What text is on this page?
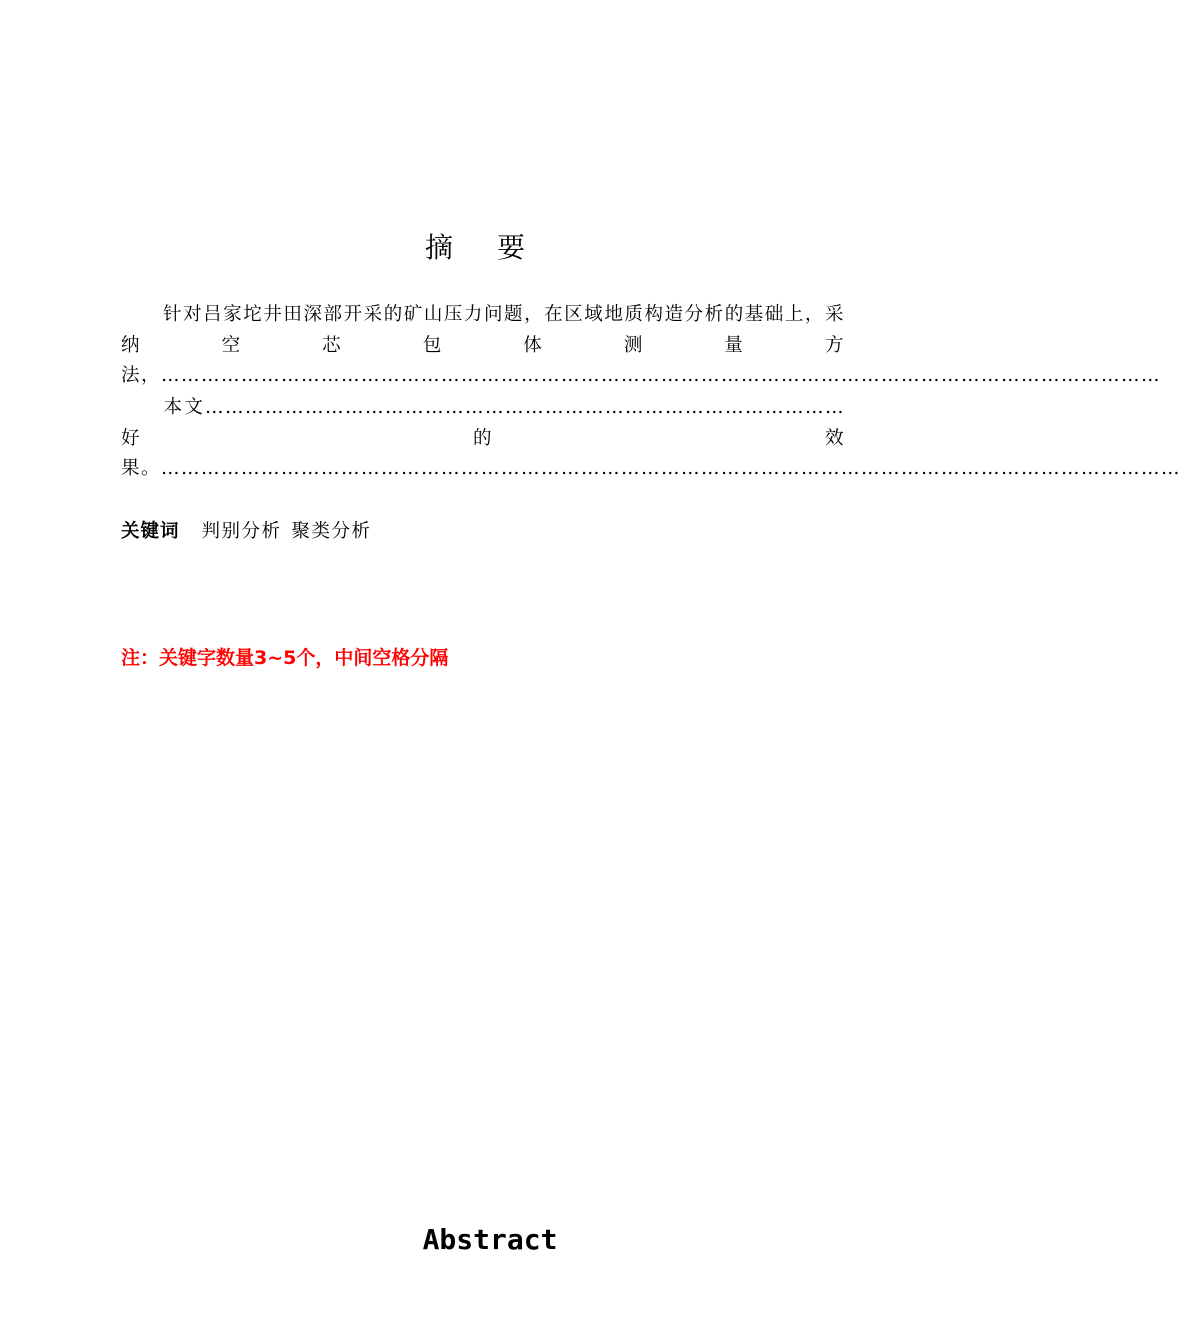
摘要
针对吕家坨井田深部开采的矿山压力问题，在区域地质构造分析的基础上，采纳空芯包体测量方法，……………………………………………………………………………………………………………………………………
本文……………………………………………………………………………………好的效果。………………………………………………………………………………………………………………………………………
关键词 判别分析 聚类分析
注：关键字数量3~5个，中间空格分隔
Abstract
